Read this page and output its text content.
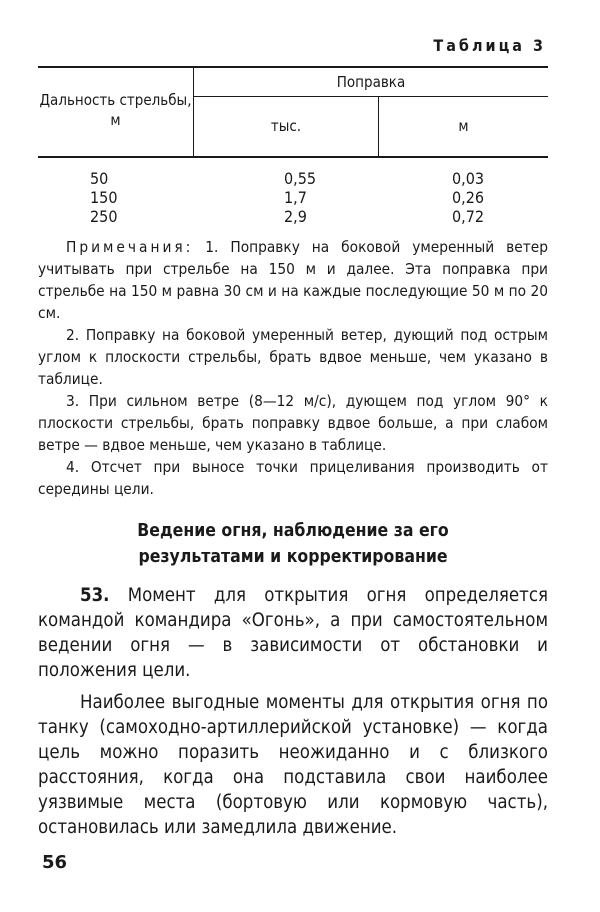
Таблица 3
Дальность стрельбы, м
Поправка
тыс.	м
50	0,55	0,03
150	1,7	0,26
250	2,9	0,72

Примечания: 1. Поправку на боковой умеренный ветер учитывать при стрельбе на 150 м и далее. Эта поправка при стрельбе на 150 м равна 30 см и на каждые последующие 50 м по 20 см.

2. Поправку на боковой умеренный ветер, дующий под острым углом к плоскости стрельбы, брать вдвое меньше, чем указано в таблице.

3. При сильном ветре (8—12 м/с), дующем под углом 90° к плоскости стрельбы, брать поправку вдвое больше, а при слабом ветре — вдвое меньше, чем указано в таблице.

4. Отсчет при выносе точки прицеливания производить от середины цели.

Ведение огня, наблюдение за его
результатами и корректирование

53. Момент для открытия огня определяется командой командира «Огонь», а при самостоятельном ведении огня — в зависимости от обстановки и положения цели.

Наиболее выгодные моменты для открытия огня по танку (самоходно-артиллерийской установке) — когда цель можно поразить неожиданно и с близкого расстояния, когда она подставила свои наиболее уязвимые места (бортовую или кормовую часть), остановилась или замедлила движение.

56
